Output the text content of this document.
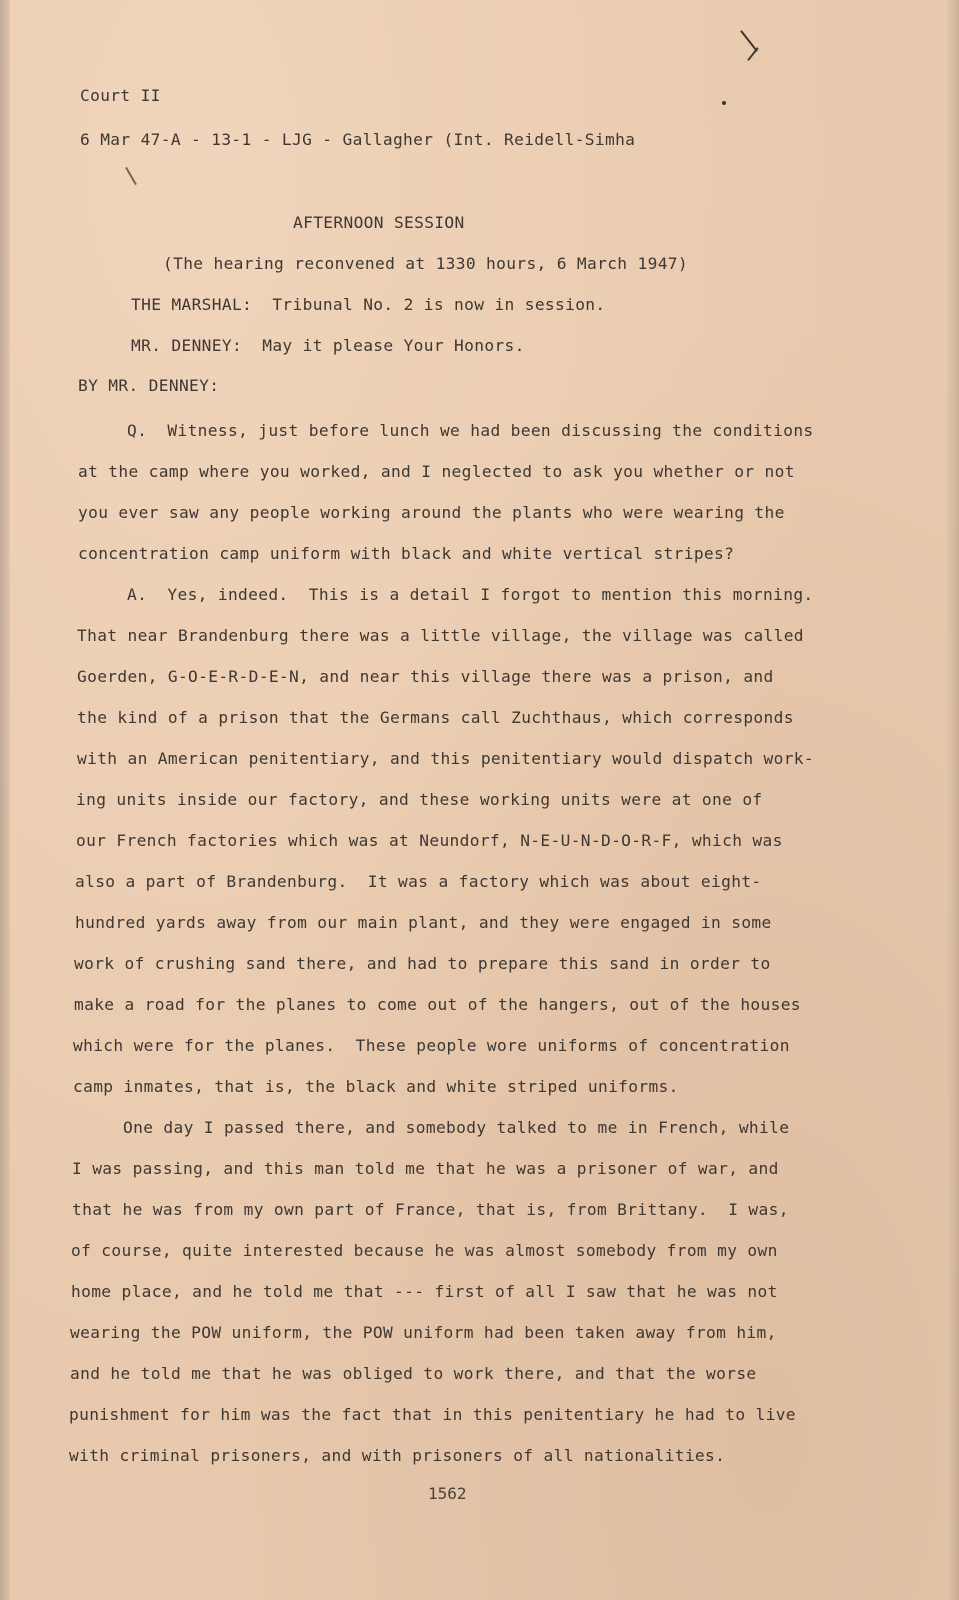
Court II
6 Mar 47-A - 13-1 - LJG - Gallagher (Int. Reidell-Simha
AFTERNOON SESSION
(The hearing reconvened at 1330 hours, 6 March 1947)
THE MARSHAL:  Tribunal No. 2 is now in session.
MR. DENNEY:  May it please Your Honors.
BY MR. DENNEY:
Q.  Witness, just before lunch we had been discussing the conditions
at the camp where you worked, and I neglected to ask you whether or not
you ever saw any people working around the plants who were wearing the
concentration camp uniform with black and white vertical stripes?
A.  Yes, indeed.  This is a detail I forgot to mention this morning.
That near Brandenburg there was a little village, the village was called
Goerden, G-O-E-R-D-E-N, and near this village there was a prison, and
the kind of a prison that the Germans call Zuchthaus, which corresponds
with an American penitentiary, and this penitentiary would dispatch work-
ing units inside our factory, and these working units were at one of
our French factories which was at Neundorf, N-E-U-N-D-O-R-F, which was
also a part of Brandenburg.  It was a factory which was about eight-
hundred yards away from our main plant, and they were engaged in some
work of crushing sand there, and had to prepare this sand in order to
make a road for the planes to come out of the hangers, out of the houses
which were for the planes.  These people wore uniforms of concentration
camp inmates, that is, the black and white striped uniforms.
One day I passed there, and somebody talked to me in French, while
I was passing, and this man told me that he was a prisoner of war, and
that he was from my own part of France, that is, from Brittany.  I was,
of course, quite interested because he was almost somebody from my own
home place, and he told me that --- first of all I saw that he was not
wearing the POW uniform, the POW uniform had been taken away from him,
and he told me that he was obliged to work there, and that the worse
punishment for him was the fact that in this penitentiary he had to live
with criminal prisoners, and with prisoners of all nationalities.
1562
